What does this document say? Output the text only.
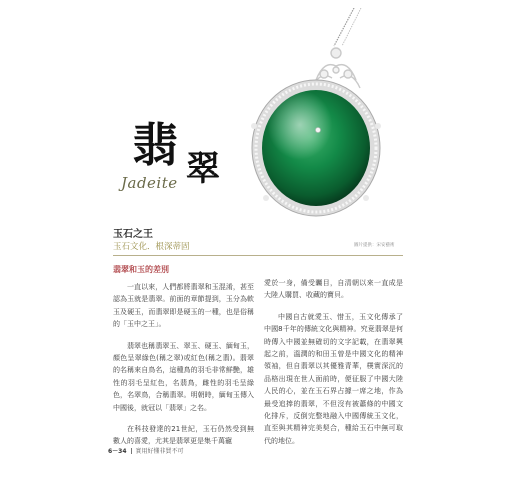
翡 翠
Jadeite
玉石之王
玉石文化．根深蒂固	圖片提供：宋安藝術
翡翠和玉的差別

一直以來，人們都將翡翠和玉混淆，甚至認為玉就是翡翠。前面的章節提到，玉分為軟玉及硬玉，而翡翠即是硬玉的一種，也是俗稱的「玉中之王」。

翡翠也稱翡翠玉、翠玉、硬玉、緬甸玉，顏色呈翠綠色(稱之翠)或紅色(稱之翡)。翡翠的名稱來自鳥名，這種鳥的羽毛非常鮮艷，雄性的羽毛呈紅色，名翡鳥，雌性的羽毛呈綠色，名翠鳥，合稱翡翠。明朝時，緬甸玉傳入中國後，就冠以「翡翠」之名。

在科技發達的21世紀，玉石仍然受到無數人的喜愛，尤其是翡翠更是集千萬寵

愛於一身，備受矚目，自清朝以來一直成是大陸人購買、收藏的寶貝。

中國自古就愛玉、惜玉，玉文化傳承了中國8千年的傳統文化與精神。究竟翡翠是何時傳入中國並無確切的文字記載，在翡翠興起之前，溫潤的和田玉曾是中國文化的精神領袖，但自翡翠以其優雅青華，樸實深沉的品格出現在世人面前時，便征服了中國大陸人民的心，並在玉石界占據一席之地，作為最受追捧的翡翠，不但沒有被蕭條的中國文化排斥，反倒完整地融入中國傳統玉文化，直至與其精神完美契合，種給玉石中無可取代的地位。

6－34 實用好懂非買不可
